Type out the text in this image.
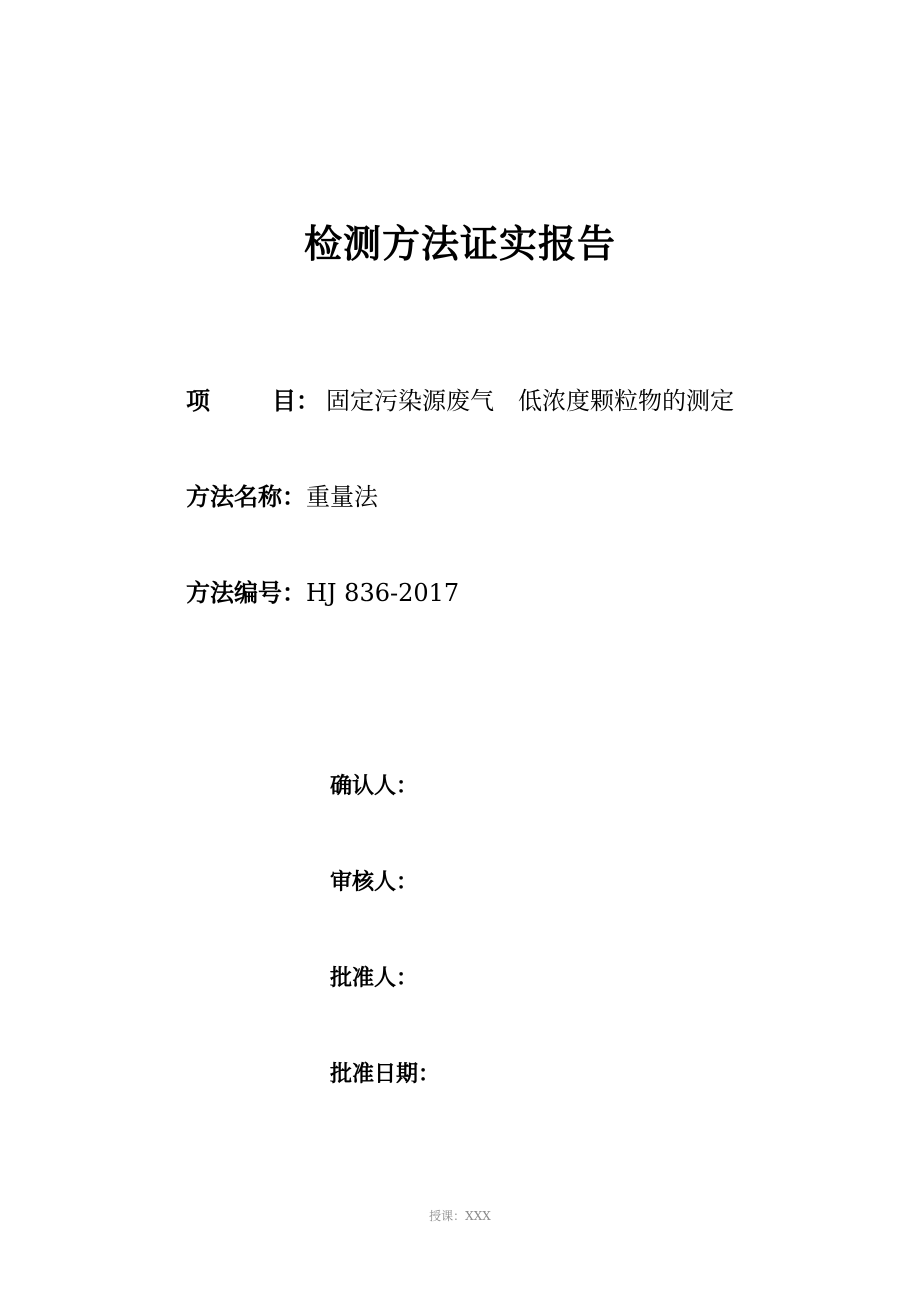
检测方法证实报告
项	目： 固定污染源废气　低浓度颗粒物的测定
方法名称：重量法
方法编号：HJ 836-2017
确认人：
审核人：
批准人：
批准日期：
授课：XXX
